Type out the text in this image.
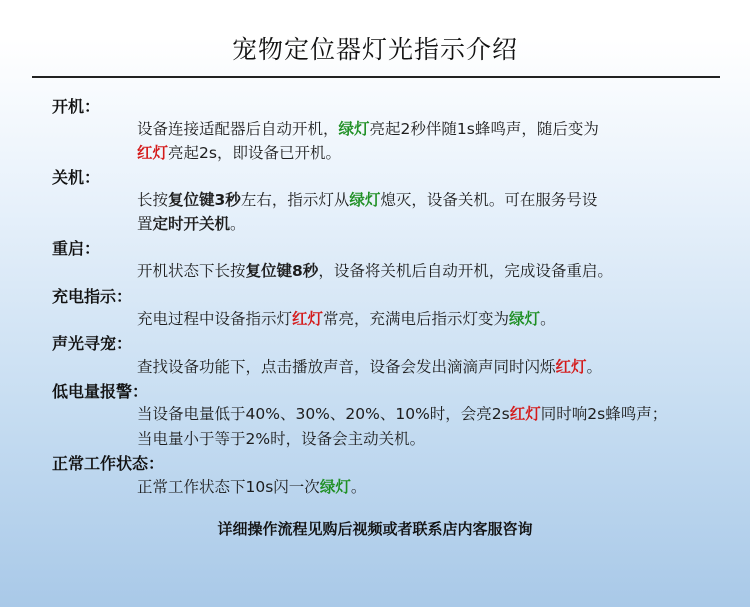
宠物定位器灯光指示介绍
开机：
设备连接适配器后自动开机，绿灯亮起2秒伴随1s蜂鸣声，随后变为
红灯亮起2s，即设备已开机。
关机：
长按复位键3秒左右，指示灯从绿灯熄灭，设备关机。可在服务号设
置定时开关机。
重启：
开机状态下长按复位键8秒，设备将关机后自动开机，完成设备重启。
充电指示：
充电过程中设备指示灯红灯常亮，充满电后指示灯变为绿灯。
声光寻宠：
查找设备功能下，点击播放声音，设备会发出滴滴声同时闪烁红灯。
低电量报警：
当设备电量低于40%、30%、20%、10%时，会亮2s红灯同时响2s蜂鸣声；
当电量小于等于2%时，设备会主动关机。
正常工作状态：
正常工作状态下10s闪一次绿灯。
详细操作流程见购后视频或者联系店内客服咨询
